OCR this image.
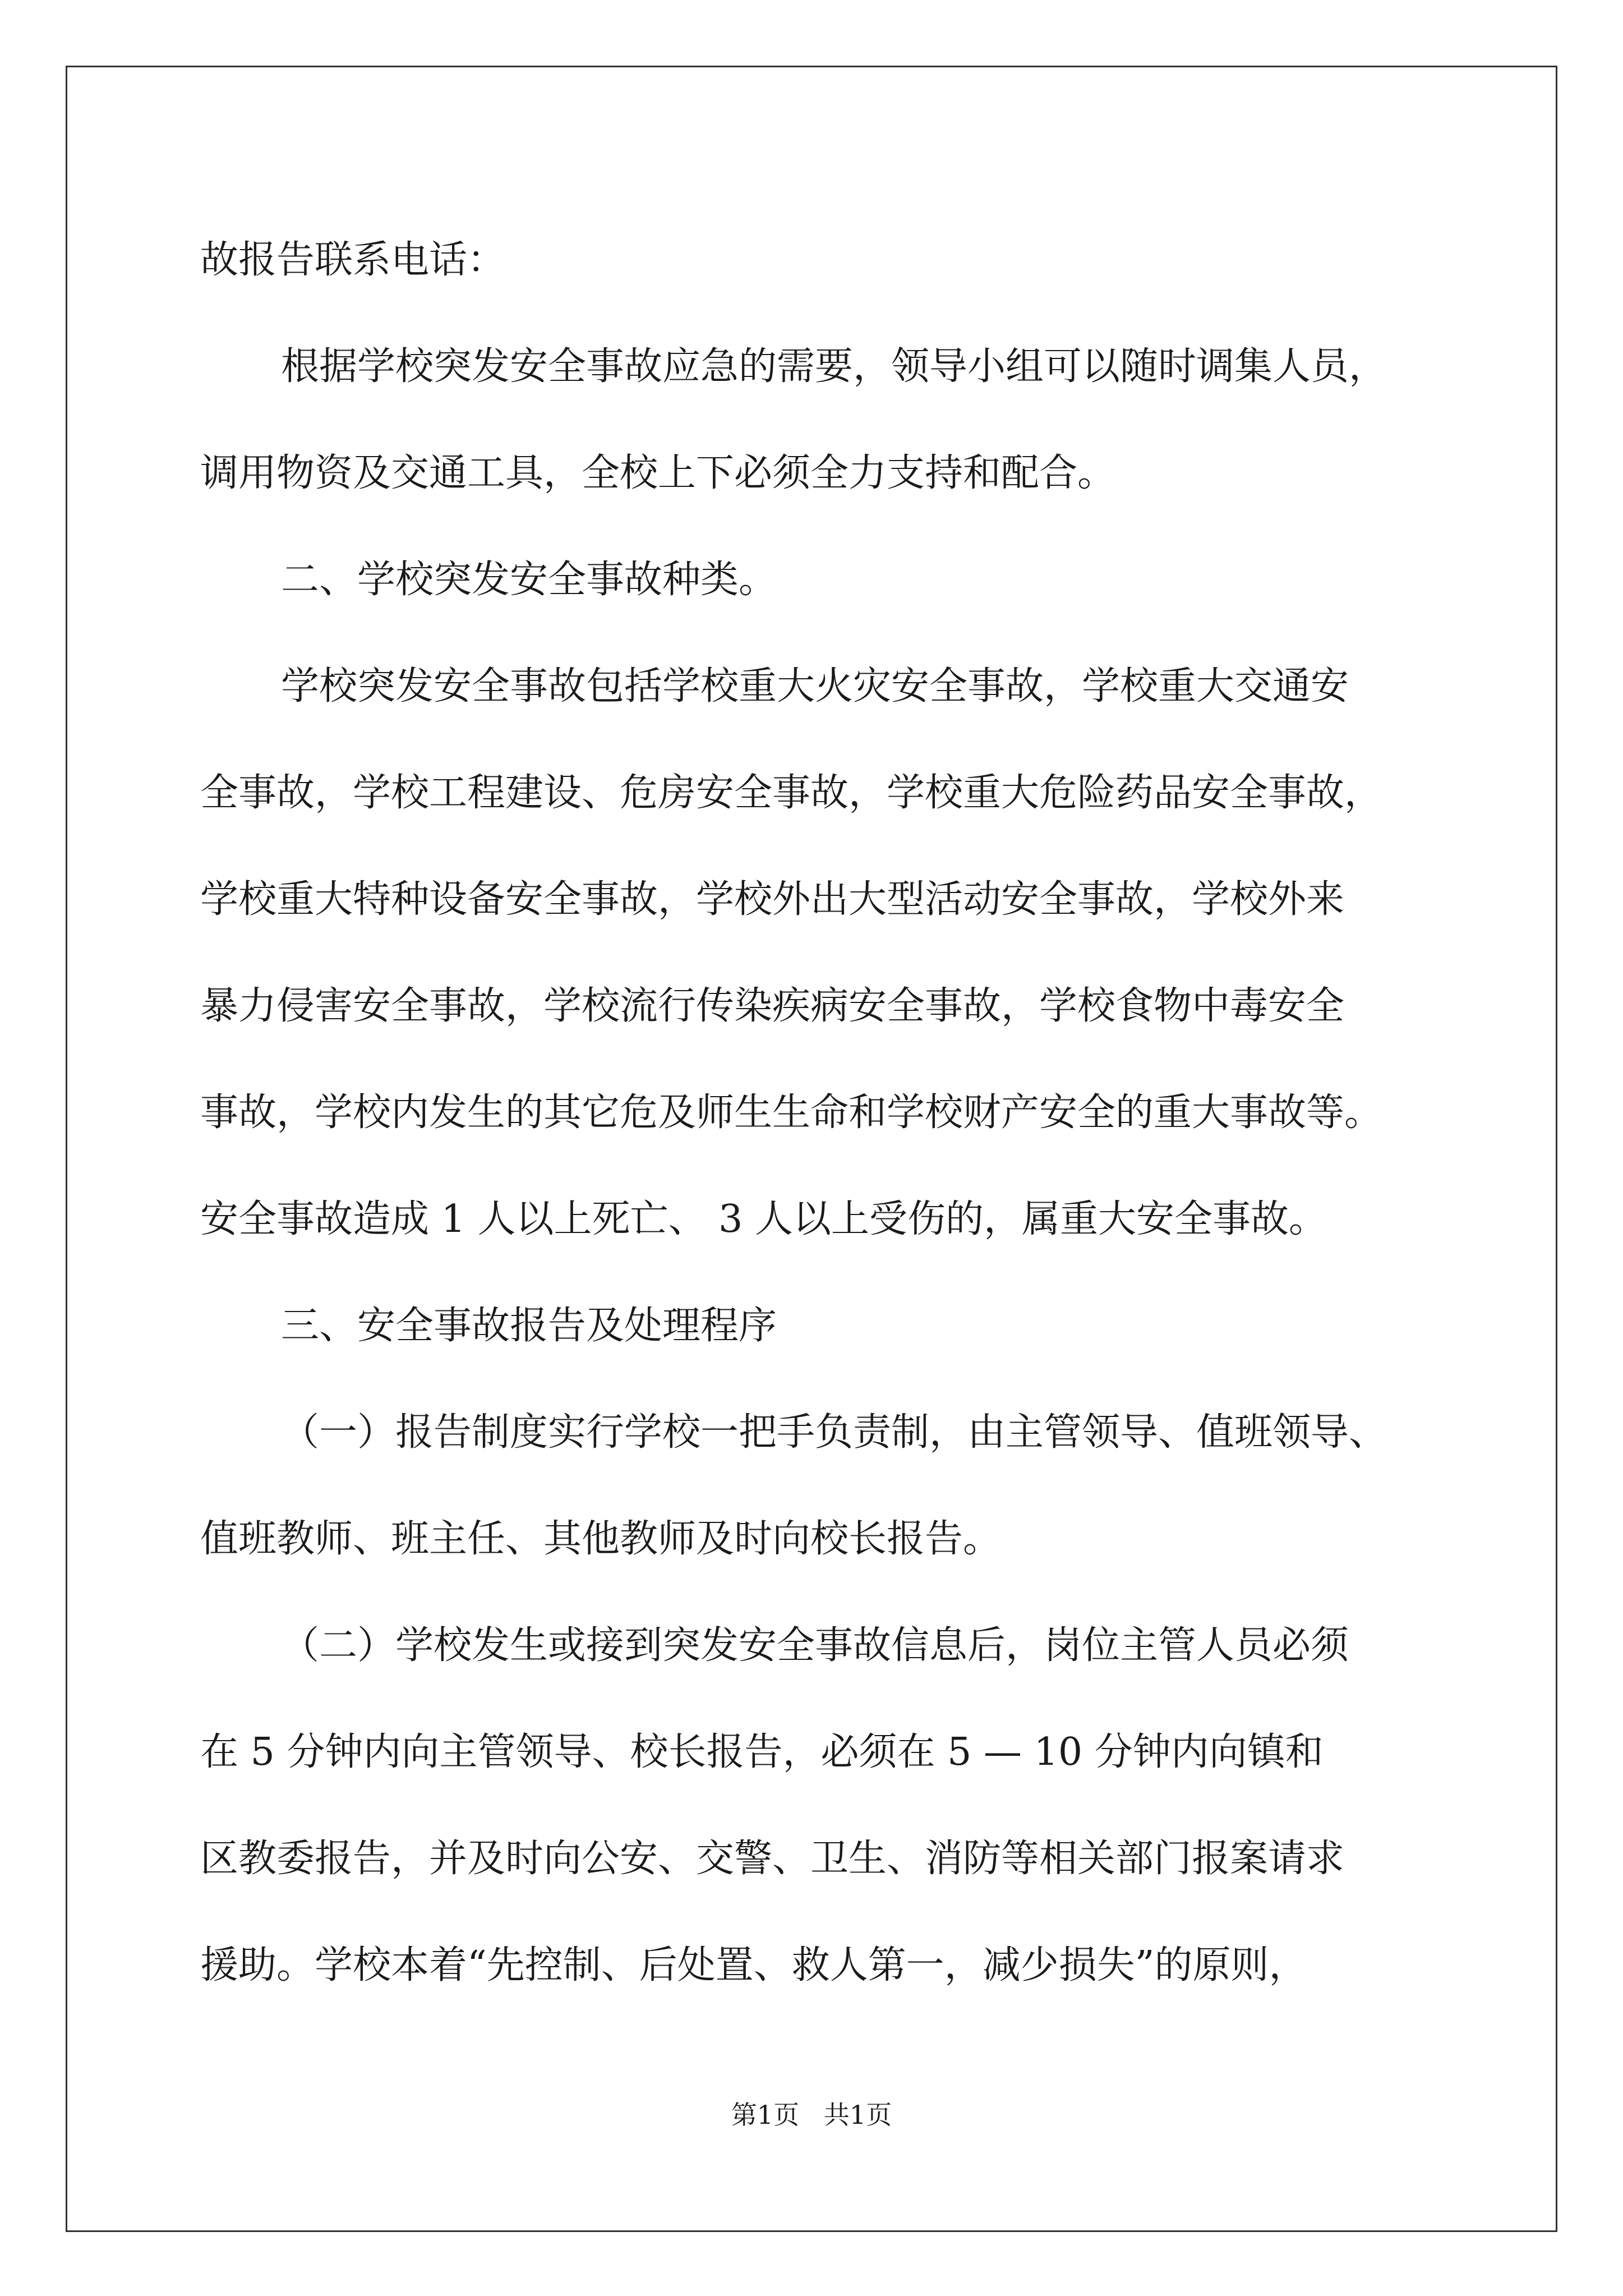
故报告联系电话：

根据学校突发安全事故应急的需要，领导小组可以随时调集人员，

调用物资及交通工具，全校上下必须全力支持和配合。

二、学校突发安全事故种类。

学校突发安全事故包括学校重大火灾安全事故，学校重大交通安

全事故，学校工程建设、危房安全事故，学校重大危险药品安全事故，

学校重大特种设备安全事故，学校外出大型活动安全事故，学校外来

暴力侵害安全事故，学校流行传染疾病安全事故，学校食物中毒安全

事故，学校内发生的其它危及师生生命和学校财产安全的重大事故等。

安全事故造成 1 人以上死亡、 3 人以上受伤的，属重大安全事故。

三、安全事故报告及处理程序

（一）报告制度实行学校一把手负责制，由主管领导、值班领导、

值班教师、班主任、其他教师及时向校长报告。

（二）学校发生或接到突发安全事故信息后，岗位主管人员必须

在 5 分钟内向主管领导、校长报告，必须在 5 — 10 分钟内向镇和

区教委报告，并及时向公安、交警、卫生、消防等相关部门报案请求

援助。学校本着“先控制、后处置、救人第一，减少损失”的原则，

第1页   共1页
